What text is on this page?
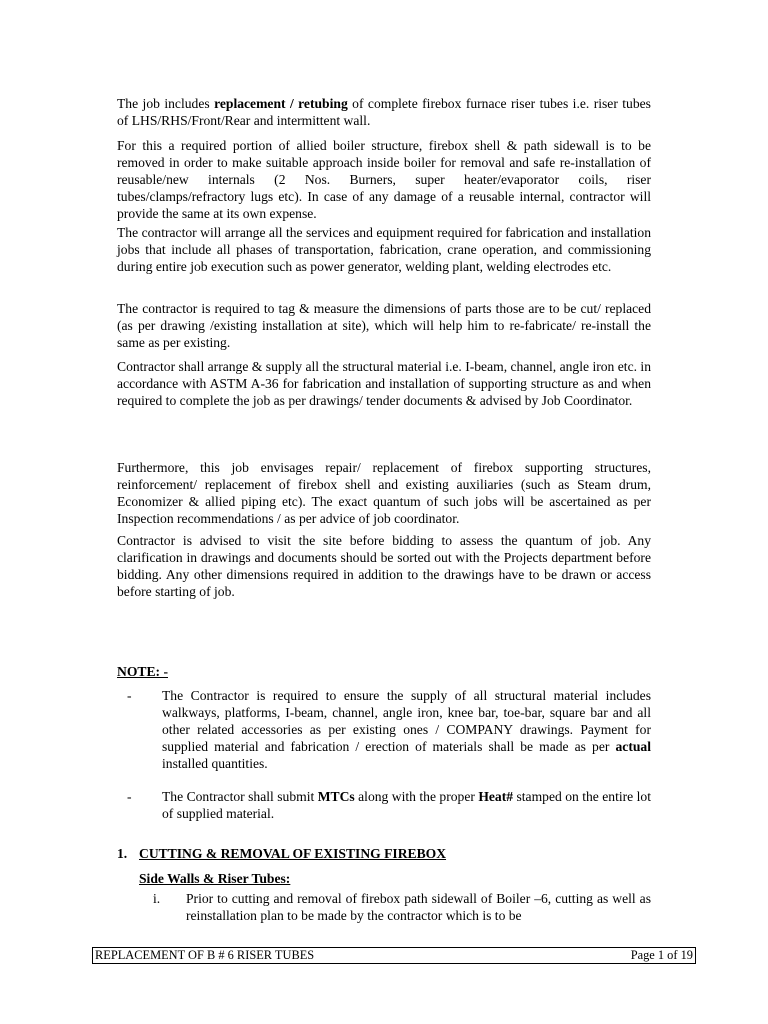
The job includes replacement / retubing of complete firebox furnace riser tubes i.e. riser tubes of LHS/RHS/Front/Rear and intermittent wall.

For this a required portion of allied boiler structure, firebox shell & path sidewall is to be removed in order to make suitable approach inside boiler for removal and safe re-installation of reusable/new internals (2 Nos. Burners, super heater/evaporator coils, riser tubes/clamps/refractory lugs etc). In case of any damage of a reusable internal, contractor will provide the same at its own expense.

The contractor will arrange all the services and equipment required for fabrication and installation jobs that include all phases of transportation, fabrication, crane operation, and commissioning during entire job execution such as power generator, welding plant, welding electrodes etc.

The contractor is required to tag & measure the dimensions of parts those are to be cut/ replaced (as per drawing /existing installation at site), which will help him to re-fabricate/ re-install the same as per existing.

Contractor shall arrange & supply all the structural material i.e. I-beam, channel, angle iron etc. in accordance with ASTM A-36 for fabrication and installation of supporting structure as and when required to complete the job as per drawings/ tender documents & advised by Job Coordinator.

Furthermore, this job envisages repair/ replacement of firebox supporting structures, reinforcement/ replacement of firebox shell and existing auxiliaries (such as Steam drum, Economizer & allied piping etc). The exact quantum of such jobs will be ascertained as per Inspection recommendations / as per advice of job coordinator.

Contractor is advised to visit the site before bidding to assess the quantum of job. Any clarification in drawings and documents should be sorted out with the Projects department before bidding. Any other dimensions required in addition to the drawings have to be drawn or access before starting of job.

NOTE: -

- The Contractor is required to ensure the supply of all structural material includes walkways, platforms, I-beam, channel, angle iron, knee bar, toe-bar, square bar and all other related accessories as per existing ones / COMPANY drawings. Payment for supplied material and fabrication / erection of materials shall be made as per actual installed quantities.
- The Contractor shall submit MTCs along with the proper Heat# stamped on the entire lot of supplied material.

1. CUTTING & REMOVAL OF EXISTING FIREBOX

Side Walls & Riser Tubes:

i. Prior to cutting and removal of firebox path sidewall of Boiler –6, cutting as well as reinstallation plan to be made by the contractor which is to be
REPLACEMENT OF B # 6 RISER TUBES	Page 1 of 19
